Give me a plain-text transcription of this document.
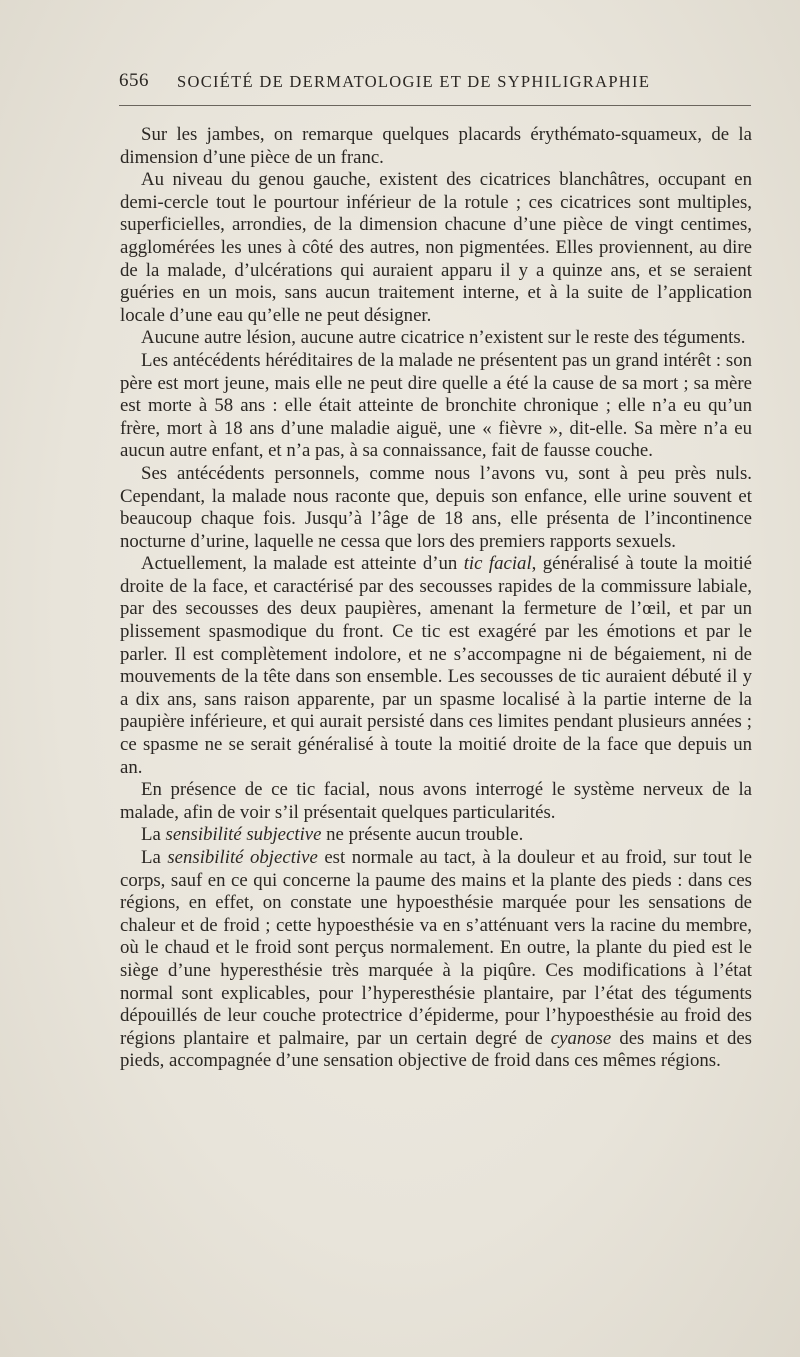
656 SOCIÉTÉ DE DERMATOLOGIE ET DE SYPHILIGRAPHIE

Sur les jambes, on remarque quelques placards érythémato-squameux, de la dimension d’une pièce de un franc.

Au niveau du genou gauche, existent des cicatrices blanchâtres, occupant en demi-cercle tout le pourtour inférieur de la rotule ; ces cicatrices sont multiples, superficielles, arrondies, de la dimension chacune d’une pièce de vingt centimes, agglomérées les unes à côté des autres, non pigmentées. Elles proviennent, au dire de la malade, d’ulcérations qui auraient apparu il y a quinze ans, et se seraient guéries en un mois, sans aucun traitement interne, et à la suite de l’application locale d’une eau qu’elle ne peut désigner.

Aucune autre lésion, aucune autre cicatrice n’existent sur le reste des téguments.

Les antécédents héréditaires de la malade ne présentent pas un grand intérêt : son père est mort jeune, mais elle ne peut dire quelle a été la cause de sa mort ; sa mère est morte à 58 ans : elle était atteinte de bronchite chronique ; elle n’a eu qu’un frère, mort à 18 ans d’une maladie aiguë, une « fièvre », dit-elle. Sa mère n’a eu aucun autre enfant, et n’a pas, à sa connaissance, fait de fausse couche.

Ses antécédents personnels, comme nous l’avons vu, sont à peu près nuls. Cependant, la malade nous raconte que, depuis son enfance, elle urine souvent et beaucoup chaque fois. Jusqu’à l’âge de 18 ans, elle présenta de l’incontinence nocturne d’urine, laquelle ne cessa que lors des premiers rapports sexuels.

Actuellement, la malade est atteinte d’un tic facial, généralisé à toute la moitié droite de la face, et caractérisé par des secousses rapides de la commissure labiale, par des secousses des deux paupières, amenant la fermeture de l’œil, et par un plissement spasmodique du front. Ce tic est exagéré par les émotions et par le parler. Il est complètement indolore, et ne s’accompagne ni de bégaiement, ni de mouvements de la tête dans son ensemble. Les secousses de tic auraient débuté il y a dix ans, sans raison apparente, par un spasme localisé à la partie interne de la paupière inférieure, et qui aurait persisté dans ces limites pendant plusieurs années ; ce spasme ne se serait généralisé à toute la moitié droite de la face que depuis un an.

En présence de ce tic facial, nous avons interrogé le système nerveux de la malade, afin de voir s’il présentait quelques particularités.

La sensibilité subjective ne présente aucun trouble.

La sensibilité objective est normale au tact, à la douleur et au froid, sur tout le corps, sauf en ce qui concerne la paume des mains et la plante des pieds : dans ces régions, en effet, on constate une hypoesthésie marquée pour les sensations de chaleur et de froid ; cette hypoesthésie va en s’atténuant vers la racine du membre, où le chaud et le froid sont perçus normalement. En outre, la plante du pied est le siège d’une hyperesthésie très marquée à la piqûre. Ces modifications à l’état normal sont explicables, pour l’hyperesthésie plantaire, par l’état des téguments dépouillés de leur couche protectrice d’épiderme, pour l’hypoesthésie au froid des régions plantaire et palmaire, par un certain degré de cyanose des mains et des pieds, accompagnée d’une sensation objective de froid dans ces mêmes régions.
